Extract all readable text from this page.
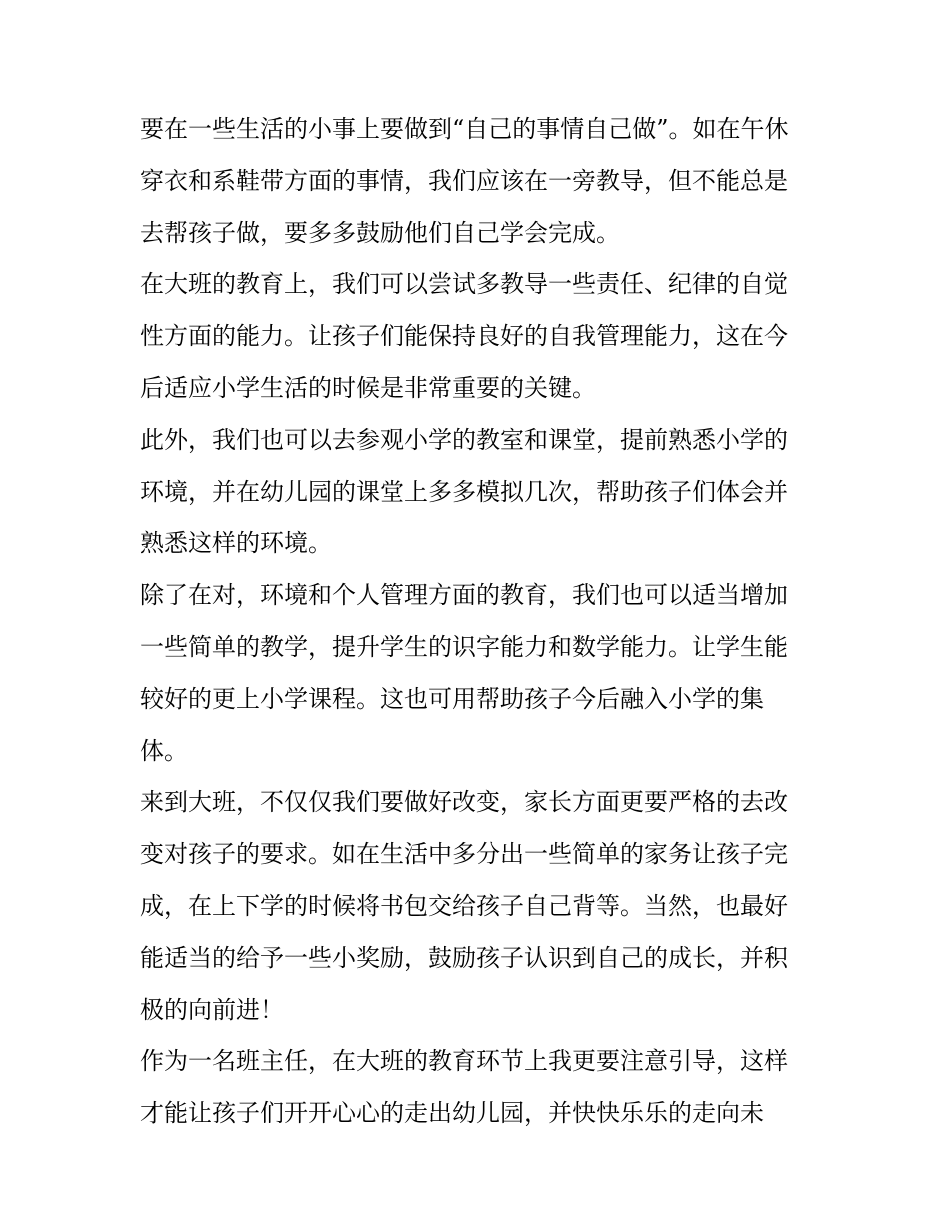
要在一些生活的小事上要做到“自己的事情自己做”。如在午休
穿衣和系鞋带方面的事情，我们应该在一旁教导，但不能总是
去帮孩子做，要多多鼓励他们自己学会完成。

在大班的教育上，我们可以尝试多教导一些责任、纪律的自觉
性方面的能力。让孩子们能保持良好的自我管理能力，这在今
后适应小学生活的时候是非常重要的关键。

此外，我们也可以去参观小学的教室和课堂，提前熟悉小学的
环境，并在幼儿园的课堂上多多模拟几次，帮助孩子们体会并
熟悉这样的环境。

除了在对，环境和个人管理方面的教育，我们也可以适当增加
一些简单的教学，提升学生的识字能力和数学能力。让学生能
较好的更上小学课程。这也可用帮助孩子今后融入小学的集
体。

来到大班，不仅仅我们要做好改变，家长方面更要严格的去改
变对孩子的要求。如在生活中多分出一些简单的家务让孩子完
成，在上下学的时候将书包交给孩子自己背等。当然，也最好
能适当的给予一些小奖励，鼓励孩子认识到自己的成长，并积
极的向前进！

作为一名班主任，在大班的教育环节上我更要注意引导，这样
才能让孩子们开开心心的走出幼儿园，并快快乐乐的走向未
